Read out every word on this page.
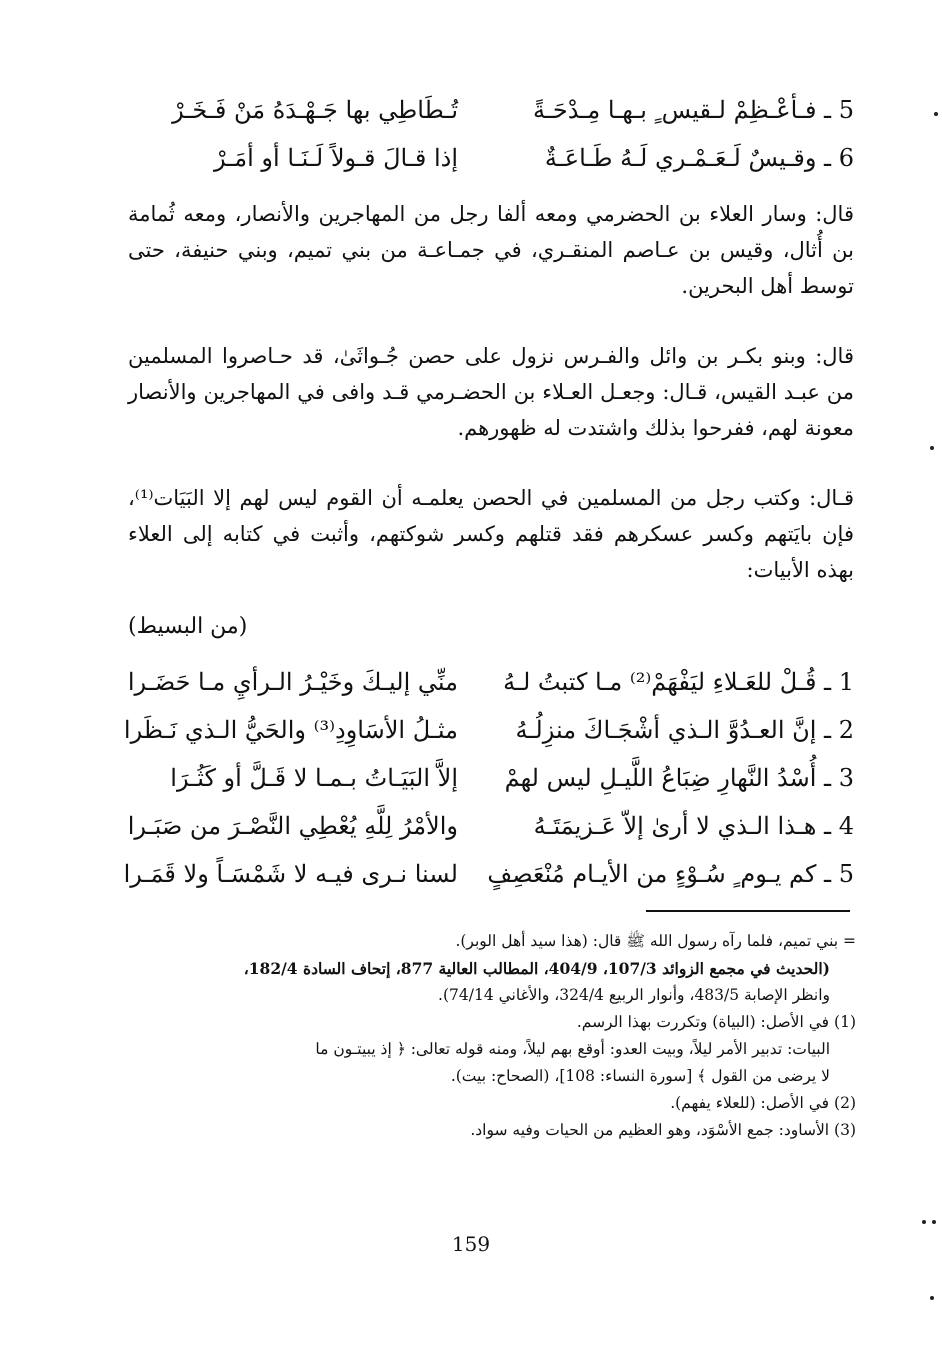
5 ـ فـأعْـظِمْ لـقيس ٍ بـهـا مِـدْحَـةً
تُـطَاطِي بها جَـهْـدَهُ مَنْ فَـخَـرْ
6 ـ وقـيسٌ لَـعَـمْـري لَـهُ طَـاعَـةٌ
إذا قـالَ قـولاً لَـنَـا أو أمَـرْ

قال: وسار العلاء بن الحضرمي ومعه ألفا رجل من المهاجرين والأنصار، ومعه ثُمامة بن أُثال، وقيس بن عـاصم المنقـري، في جمـاعـة من بني تميم، وبني حنيفة، حتى توسط أهل البحرين.

قال: وبنو بكـر بن وائل والفـرس نزول على حصن جُـواثَىٰ، قد حـاصروا المسلمين من عبـد القيس، قـال: وجعـل العـلاء بن الحضـرمي قـد وافى في المهاجرين والأنصار معونة لهم، ففرحوا بذلك واشتدت له ظهورهم.

قـال: وكتب رجل من المسلمين في الحصن يعلمـه أن القوم ليس لهم إلا البَيَات⁽¹⁾، فإن بايَتهم وكسر عسكرهم فقد قتلهم وكسر شوكتهم، وأثبت في كتابه إلى العلاء بهذه الأبيات:

(من البسيط)
1 ـ قُـلْ للعَـلاءِ ليَفْهَمْ⁽²⁾ مـا كتبتُ لـهُ
منِّي إليـكَ وخَيْـرُ الـرأيِ مـا حَضَـرا
2 ـ إنَّ العـدُوَّ الـذي أشْجَـاكَ منزِلُـهُ
مثـلُ الأسَاوِدِ⁽³⁾ والحَيُّ الـذي نَـظَرا
3 ـ أُسْدُ النَّهارِ ضِبَاعُ اللَّيـلِ ليس لهمْ
إلاَّ البَيَـاتُ بـمـا لا قَـلَّ أو كَثُـرَا
4 ـ هـذا الـذي لا أرىٰ إلاّ عَـزيمَتَـهُ
والأمْرُ لِلَّهِ يُعْطِي النَّصْـرَ من صَبَـرا
5 ـ كم يـوم ٍ سُـوْءٍ من الأيـام مُنْعَصِفٍ
لسنا نـرى فيـه لا شَمْسَـاً ولا قَمَـرا
= بني تميم، فلما رآه رسول الله ﷺ قال: (هذا سيد أهل الوبر).
(الحديث في مجمع الزوائد 107/3، 404/9، المطالب العالية 877، إتحاف السادة 182/4،
وانظر الإصابة 483/5، وأنوار الربيع 324/4، والأغاني 74/14).
(1) في الأصل: (البياة) وتكررت بهذا الرسم.
البيات: تدبير الأمر ليلاً، وبيت العدو: أوقع بهم ليلاً، ومنه قوله تعالى: ﴿ إذ يبيتـون ما
لا يرضى من القول ﴾ [سورة النساء: 108]، (الصحاح: بيت).
(2) في الأصل: (للعلاء يفهم).
(3) الأساود: جمع الأسْوَد، وهو العظيم من الحيات وفيه سواد.
159
